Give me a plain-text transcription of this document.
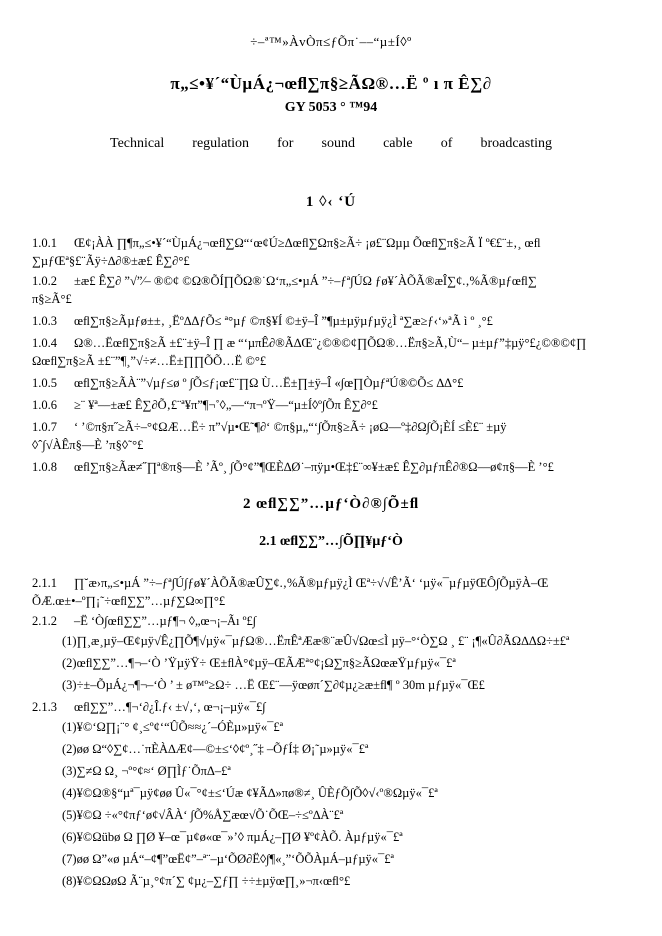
÷–ª™»ÀvÒπ≤ƒÕπ˙––“µ±Í◊º
π„≤•¥´“ÙµÁ¿¬œﬂ∑π§≥ÃΩ®…Ë º ı π Ê∑∂
GY 5053 ° ™94
Technical regulation for sound cable of broadcasting
1 ◊‹ ‘Ú
1.0.1 Œ¢¡ÀÀ ∏¶π„≤•¥´“ÙµÁ¿¬œﬂ∑Ω“‘œ¢Ú≥Δœﬂ∑Ωπ§≥Ã÷ ¡ø£¨Ωµµ Õœﬂ∑π§≥Ã Ï º€£¨±‚¸ œﬂ
∑µƒŒª§£¨Ãÿ÷∆∂®±æ£ Ê∑∂°£
1.0.2 ±æ£ Ê∑∂ ”√”⁄– ®©¢ ©Ω®ÕÍ∏ÕΩ®˙Ω‘π„≤•µÁ ”÷–ƒª∫ÚΩ ƒø¥´ÀÕÃ®æÎ∑¢.‚%Ã®µƒœﬂ∑
π§≥Ã°£
1.0.3 œﬂ∑π§≥Ãµƒø±±‚ ¸Ëº∆ΔƒÕ≤ ª°µƒ ©π§¥Í ©±ÿ–Î ”¶µ±µÿµƒµÿ¿Ì ª∑æ≥ƒ‹‘»ªÃ ì º ¸°£
1.0.4 Ω®…Ëœﬂ∑π§≥Ã ±£¨±ÿ–Î ∏ æ “‘µπÊ∂®Ã∆Œ¨¿©®©¢∏ÕΩ®…Ëπ§≥Ã‚Ù“– µ±µƒ”‡µÿ°£¿©®©¢∏
Ωœﬂ∑π§≥Ã ±£¨”¶¸”√÷≠…Ë±∏∏ÕÕ…Ë ©°£
1.0.5 œﬂ∑π§≥ÃÀ¨”√µƒ≤ø º ∫Õ≤ƒ¡œ£¨∏Ω Ù…Ë±∏±ÿ–Î «∫œ∏ÒµƒªÚ®©Õ≤ ∆Δ°£
1.0.6 ≥¨ ¥ª––±æ£ Ê∑∂Õ‚£¨ª¥π”¶¬˚◊„––“π¬ºŸ––“µ±Í◊º∫Õπ Ê∑∂°£
1.0.7 ‘ ’©π§π˝≥Ã÷–°¢ΩÆ…Ë÷ π”√µ•Œ˜¶∂‘ ©π§µ„“‘∫Õπ§≥Ã÷ ¡øΩ––º‡∂Ω∫Õ¡ÈÍ ≤È£¨ ±µÿ
◊ˆ∫√ÀÊπ§—È ’π§◊˜°£
1.0.8 œﬂ∑π§≥Ãæ≠˝∏ª®π§—È ’Ãº¸ ∫Õ°¢”¶ŒÈ∆Ø˙–πÿµ•Œ‡£¨∞¥±æ£ Ê∑∂µƒπÊ∂®Ω––ø¢π§—È ’°£
2 œﬂ∑∑”…µƒ‘Ò∂®∫Õ±ﬂ
2.1 œﬂ∑∑”…∫Õ∏¥µƒ‘Ò
2.1.1 ∏˘æ›π„≤•µÁ ”÷–ƒª∫Ú∫ƒø¥´ÀÕÃ®æÛ∑¢.‚%Ã®µƒµÿ¿Ì Œª÷√√Ê’Ã‘ ‘µÿ«¯µƒµÿŒÔ∫ÕµÿÀ–Œ
ÕÆ.œ±•–º∏¡˜÷œﬂ∑∑”…µƒ∑Ω∞∏°£
2.1.2 –Ë ‘Ò∫œﬂ∑∑”…µƒ¶¬ ◊„œ¬¡–Ãı º£∫
(1)∏¸æ¸µÿ–Œ¢µÿ√Ê¿∏Õ¶√µÿ«¯µƒΩ®…ËπÊªÆæ®¨æÛ√Ωœ≤Ì µÿ–°‘Ò∑Ω ¸ £¨ ¡¶«Û∂ÃΩ∆ΔΩ÷±£ª
(2)œﬂ∑∑”…¶¬–‘Ò ’ŸµÿŸ÷ Œ±ﬂÀ°¢µÿ–ŒÃÆª°¢¡Ω∑π§≥ÃΩœæŸµƒµÿ«¯£ª
(3)÷±–ÕµÁ¿¬¶¬–‘Ò ’ ± ø™º≥Ω÷ …Ë Œ£¨—ÿœøπ´∑∂¢µ¿≥æ±ﬂ¶ º 30m µƒµÿ«¯Œ£
2.1.3 œﬂ∑∑”…¶¬‘∂¿Î.ƒ‹ ±√‚‘, œ¬¡–µÿ«¯£∫
(1)¥©‘Ω∏¡¨° ¢¸≤º¢‘“ÛÕ≈≈¿´–ÓÈµ»µÿ«¯£ª
(2)øø Ω“◊∑¢…˙πÈÀ∆Æ¢—©±≤‘◊¢º¸˝‡ –ÕƒÍ‡ Ø¡˜µ»µÿ«¯£ª
(3)∑≠Ω Ω¸ ¬º°¢≈‘ Ø∏Ìƒ˙ÕπΔ–£ª
(4)¥©Ω®§“µª¯µÿ¢øø Û«¯°¢±≤‘Úæ ¢¥Ã∆»πø®≠¸ ÛÈƒÕ∫Õ◊√‹º®Ωµÿ«¯£ª
(5)¥©Ω ÷«°¢πƒ‘ø¢√ÂÀ‘ ∫Õ%Å∑æœ√Õ˙ÕŒ–÷≤º∆À¨£ª
(6)¥©Ωübø Ω ∏Ø ¥–œ¯µ¢ø«œ¯»’◊ πµÁ¿–∏Ø ¥º¢ÀÕ. Àµƒµÿ«¯£ª
(7)øø Ω”«ø µÁ“–¢¶”œË¢”–ª¨–µ‘ÕØ∂Ë◊∫¶«¸”‘ÕÕÀµÁ–µƒµÿ«¯£ª
(8)¥©ΩΩøΩ Ã¨µ¸°¢π´∑ ¢µ¿–∑ƒ∏ ÷÷±µÿœ∏¸»¬π‹œﬂ°£
